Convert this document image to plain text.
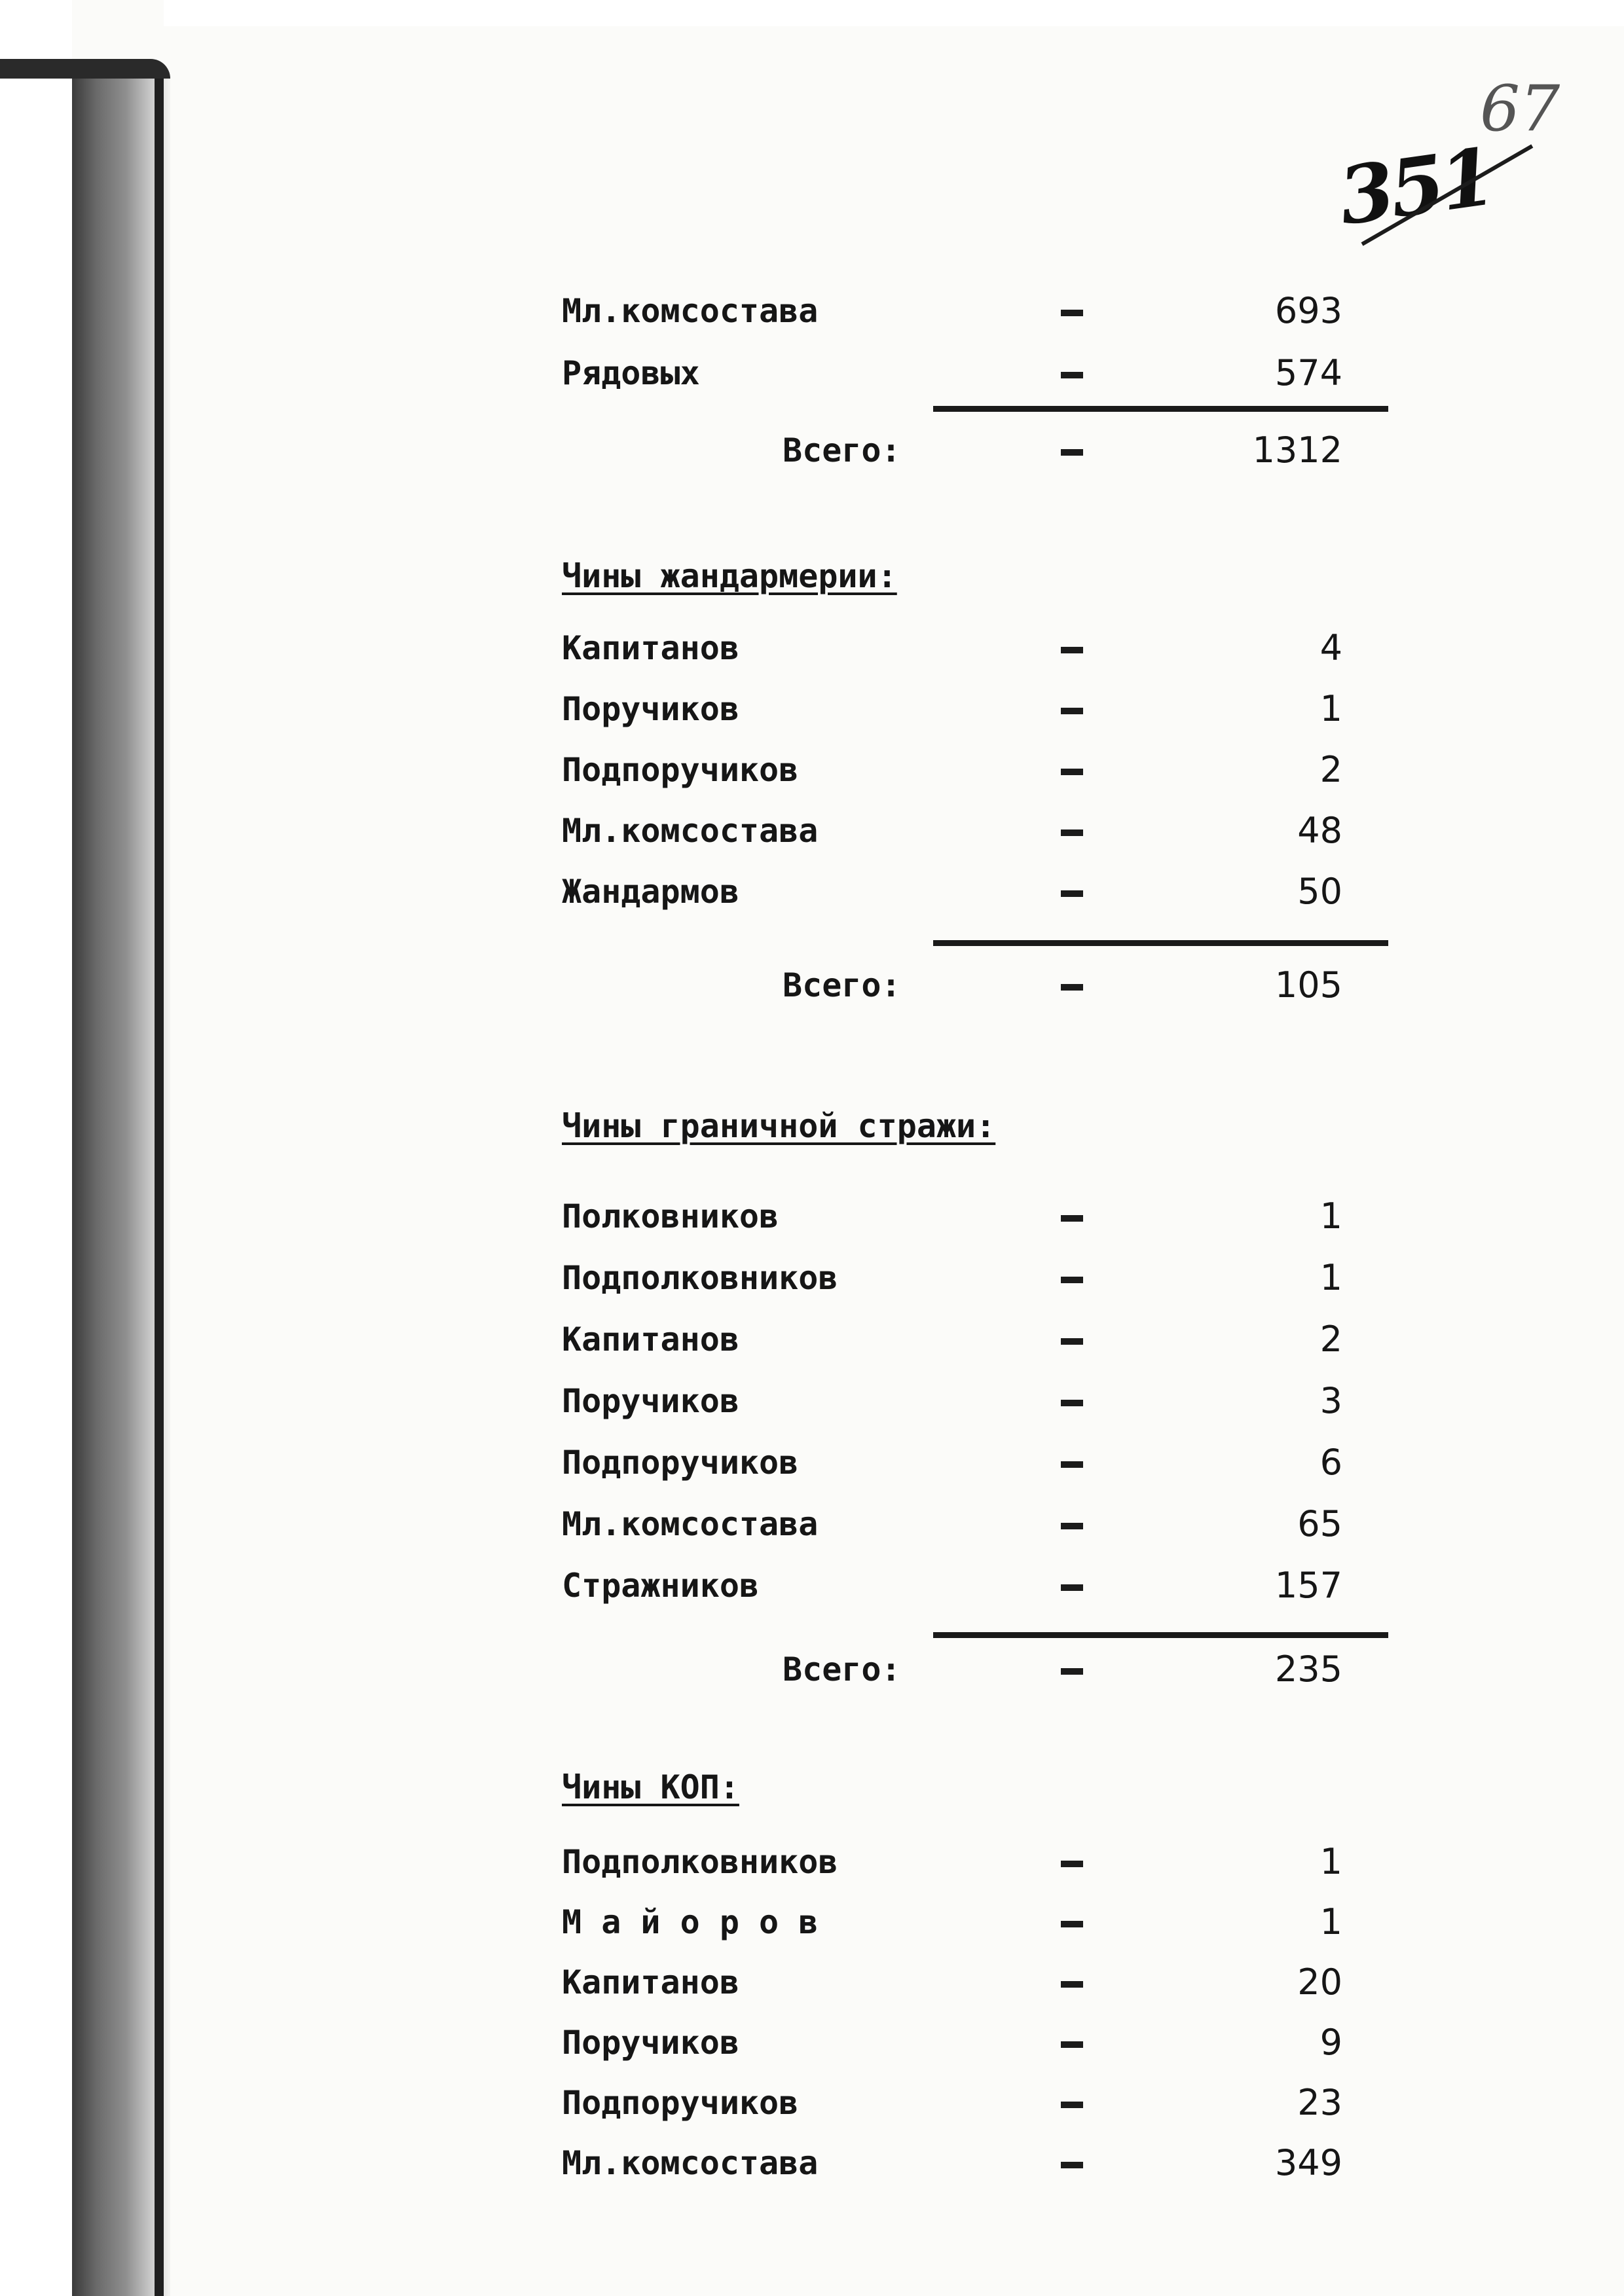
351
67
Мл.комсостава	693
Рядовых	574
Всего:	1312
Чины жандармерии:
Капитанов	4
Поручиков	1
Подпоручиков	2
Мл.комсостава	48
Жандармов	50
Всего:	105
Чины граничной стражи:
Полковников	1
Подполковников	1
Капитанов	2
Поручиков	3
Подпоручиков	6
Мл.комсостава	65
Стражников	157
Всего:	235
Чины КОП:
Подполковников	1
М а й о р о в	1
Капитанов	20
Поручиков	9
Подпоручиков	23
Мл.комсостава	349
